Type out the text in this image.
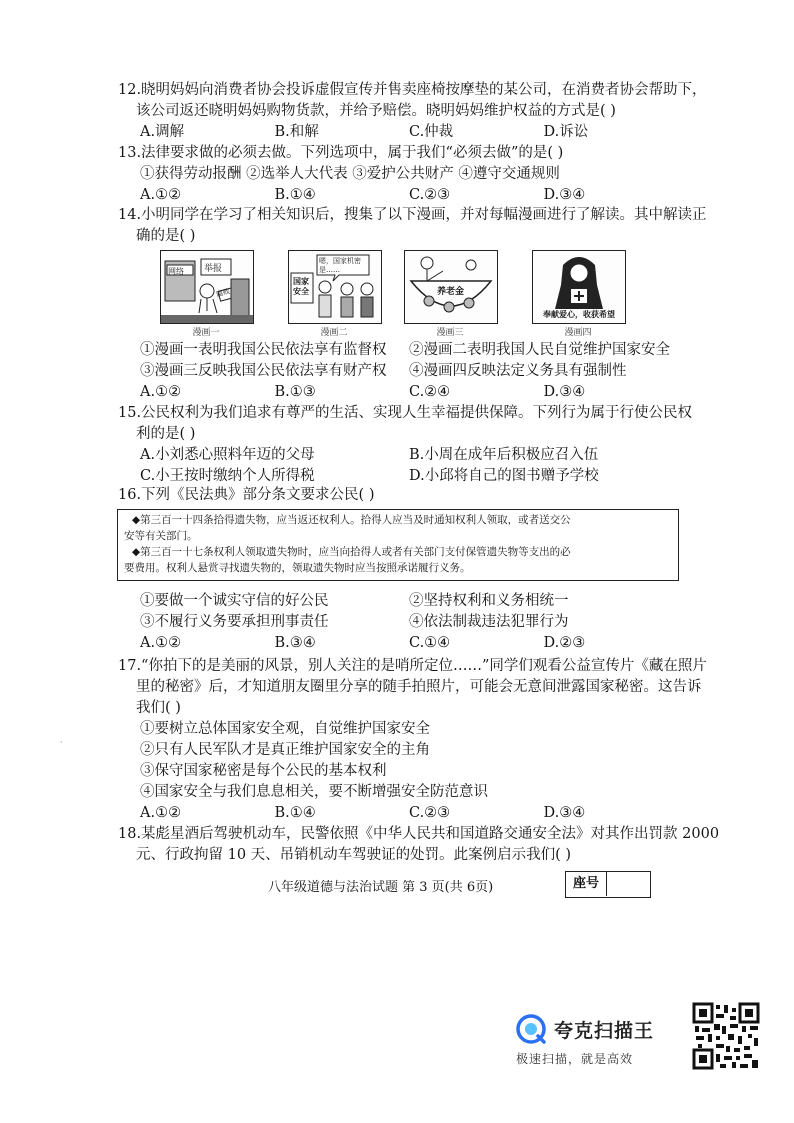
12.晓明妈妈向消费者协会投诉虚假宣传并售卖座椅按摩垫的某公司，在消费者协会帮助下，

该公司返还晓明妈妈购物货款，并给予赔偿。晓明妈妈维护权益的方式是( )

A.调解	B.和解	C.仲裁	D.诉讼

13.法律要求做的必须去做。下列选项中，属于我们“必须去做”的是( )

①获得劳动报酬 ②选举人大代表 ③爱护公共财产 ④遵守交通规则

A.①②	B.①④	C.②③	D.③④

14.小明同学在学习了相关知识后，搜集了以下漫画，并对每幅漫画进行了解读。其中解读正

确的是( )

网络 举报
腐败
漫画一
嗯，国家机密是……
国家安全
漫画二
养老金
漫画三
奉献爱心，收获希望
漫画四
①漫画一表明我国公民依法享有监督权	②漫画二表明我国人民自觉维护国家安全
③漫画三反映我国公民依法享有财产权	④漫画四反映法定义务具有强制性
A.①②	B.①③	C.②④	D.③④

15.公民权利为我们追求有尊严的生活、实现人生幸福提供保障。下列行为属于行使公民权

利的是( )

A.小刘悉心照料年迈的父母	B.小周在成年后积极应召入伍
C.小王按时缴纳个人所得税	D.小邱将自己的图书赠予学校

16.下列《民法典》部分条文要求公民( )

◆第三百一十四条拾得遗失物，应当返还权利人。拾得人应当及时通知权利人领取，或者送交公

安等有关部门。

◆第三百一十七条权利人领取遗失物时，应当向拾得人或者有关部门支付保管遗失物等支出的必

要费用。权利人悬赏寻找遗失物的，领取遗失物时应当按照承诺履行义务。

①要做一个诚实守信的好公民	②坚持权利和义务相统一
③不履行义务要承担刑事责任	④依法制裁违法犯罪行为
A.①②	B.③④	C.①④	D.②③

17.“你拍下的是美丽的风景，别人关注的是哨所定位……”同学们观看公益宣传片《藏在照片

里的秘密》后，才知道朋友圈里分享的随手拍照片，可能会无意间泄露国家秘密。这告诉

我们( )

①要树立总体国家安全观，自觉维护国家安全

②只有人民军队才是真正维护国家安全的主角

③保守国家秘密是每个公民的基本权利

④国家安全与我们息息相关，要不断增强安全防范意识

A.①②	B.①④	C.②③	D.③④

18.某彪星酒后驾驶机动车，民警依照《中华人民共和国道路交通安全法》对其作出罚款 2000

元、行政拘留 10 天、吊销机动车驾驶证的处罚。此案例启示我们( )

·
八年级道德与法治试题 第 3 页(共 6页)	座号
夸克扫描王
极速扫描，就是高效
